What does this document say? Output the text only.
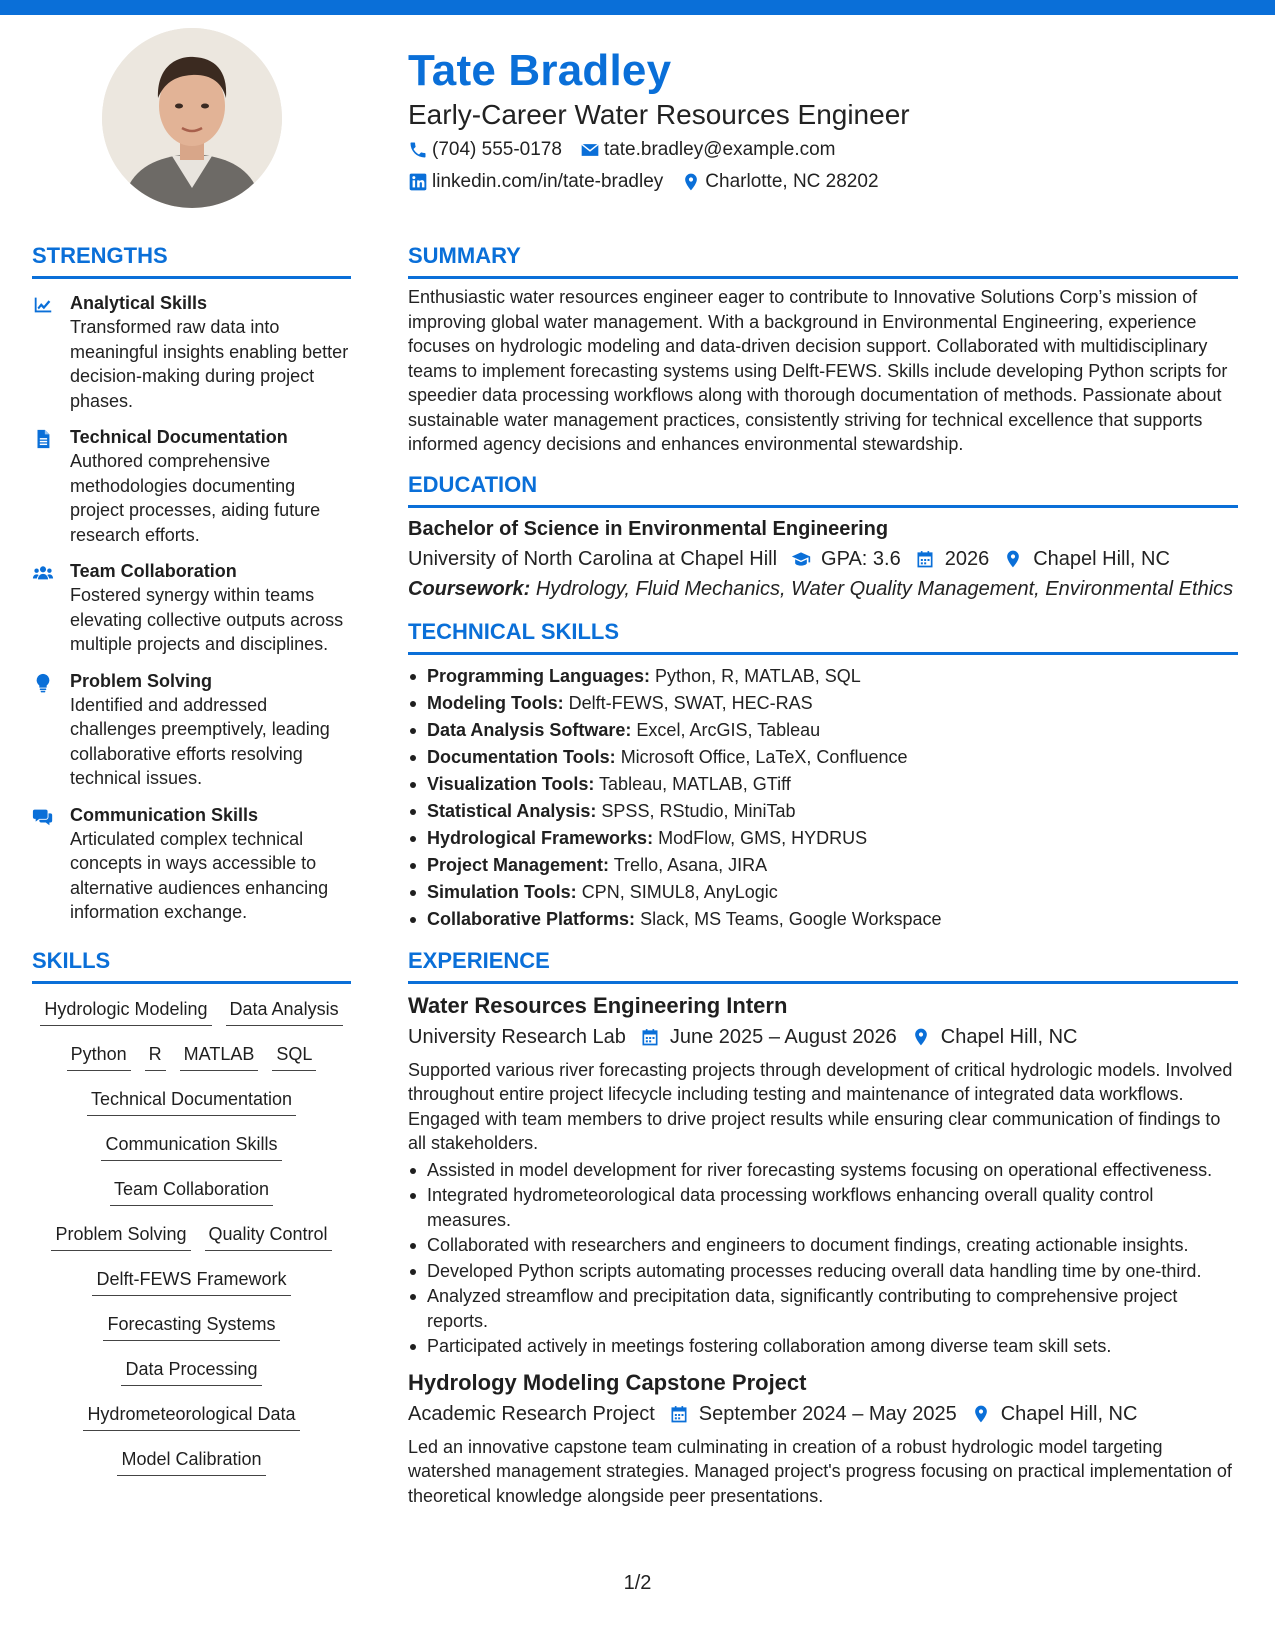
Tate Bradley
Early-Career Water Resources Engineer
(704) 555-0178 tate.bradley@example.com
linkedin.com/in/tate-bradley Charlotte, NC 28202
STRENGTHS
Analytical Skills
Transformed raw data into meaningful insights enabling better decision-making during project phases.
Technical Documentation
Authored comprehensive methodologies documenting project processes, aiding future research efforts.
Team Collaboration
Fostered synergy within teams elevating collective outputs across multiple projects and disciplines.
Problem Solving
Identified and addressed challenges preemptively, leading collaborative efforts resolving technical issues.
Communication Skills
Articulated complex technical concepts in ways accessible to alternative audiences enhancing information exchange.
SKILLS
Hydrologic Modeling Data Analysis
Python R MATLAB SQL
Technical Documentation
Communication Skills
Team Collaboration
Problem Solving Quality Control
Delft-FEWS Framework
Forecasting Systems
Data Processing
Hydrometeorological Data
Model Calibration
SUMMARY
Enthusiastic water resources engineer eager to contribute to Innovative Solutions Corp’s mission of improving global water management. With a background in Environmental Engineering, experience focuses on hydrologic modeling and data-driven decision support. Collaborated with multidisciplinary teams to implement forecasting systems using Delft-FEWS. Skills include developing Python scripts for speedier data processing workflows along with thorough documentation of methods. Passionate about sustainable water management practices, consistently striving for technical excellence that supports informed agency decisions and enhances environmental stewardship.
EDUCATION
Bachelor of Science in Environmental Engineering
University of North Carolina at Chapel Hill GPA: 3.6 2026 Chapel Hill, NC
Coursework: Hydrology, Fluid Mechanics, Water Quality Management, Environmental Ethics
TECHNICAL SKILLS
Programming Languages: Python, R, MATLAB, SQL
Modeling Tools: Delft-FEWS, SWAT, HEC-RAS
Data Analysis Software: Excel, ArcGIS, Tableau
Documentation Tools: Microsoft Office, LaTeX, Confluence
Visualization Tools: Tableau, MATLAB, GTiff
Statistical Analysis: SPSS, RStudio, MiniTab
Hydrological Frameworks: ModFlow, GMS, HYDRUS
Project Management: Trello, Asana, JIRA
Simulation Tools: CPN, SIMUL8, AnyLogic
Collaborative Platforms: Slack, MS Teams, Google Workspace
EXPERIENCE
Water Resources Engineering Intern
University Research Lab June 2025 – August 2026 Chapel Hill, NC
Supported various river forecasting projects through development of critical hydrologic models. Involved throughout entire project lifecycle including testing and maintenance of integrated data workflows. Engaged with team members to drive project results while ensuring clear communication of findings to all stakeholders.
Assisted in model development for river forecasting systems focusing on operational effectiveness.
Integrated hydrometeorological data processing workflows enhancing overall quality control measures.
Collaborated with researchers and engineers to document findings, creating actionable insights.
Developed Python scripts automating processes reducing overall data handling time by one-third.
Analyzed streamflow and precipitation data, significantly contributing to comprehensive project reports.
Participated actively in meetings fostering collaboration among diverse team skill sets.
Hydrology Modeling Capstone Project
Academic Research Project September 2024 – May 2025 Chapel Hill, NC
Led an innovative capstone team culminating in creation of a robust hydrologic model targeting watershed management strategies. Managed project's progress focusing on practical implementation of theoretical knowledge alongside peer presentations.
1/2
